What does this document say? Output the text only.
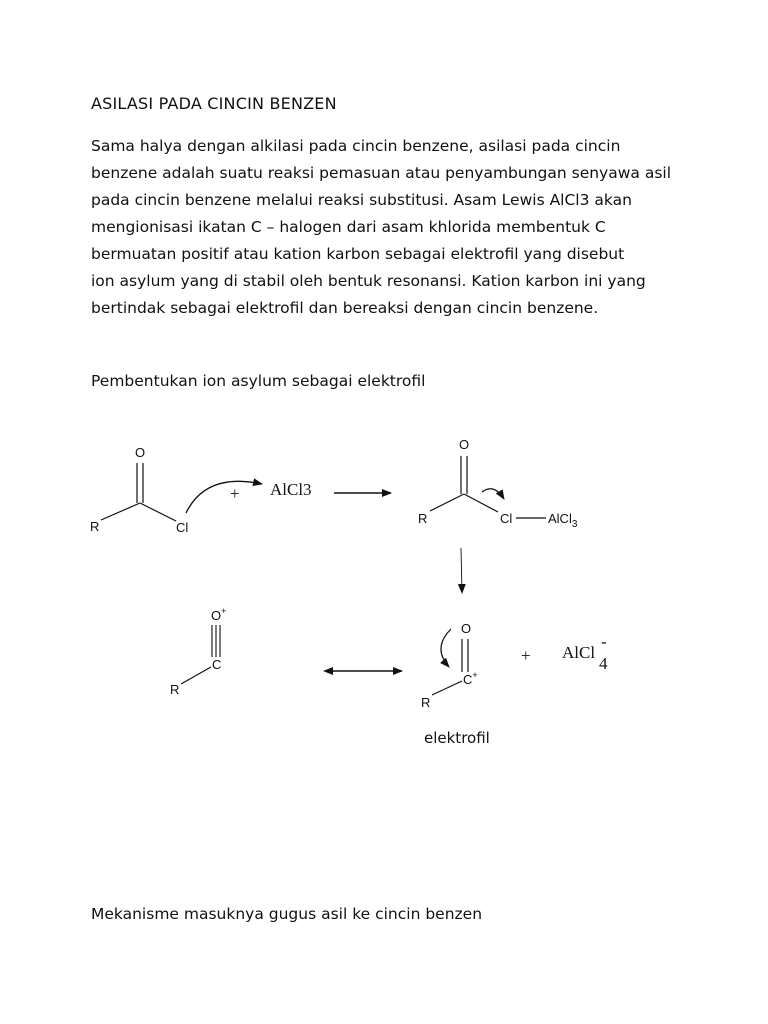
ASILASI PADA CINCIN BENZEN
Sama halya dengan alkilasi pada cincin benzene, asilasi pada cincin
benzene adalah suatu reaksi pemasuan atau penyambungan senyawa asil
pada cincin benzene melalui reaksi substitusi. Asam Lewis AlCl3 akan
mengionisasi ikatan C – halogen dari asam khlorida membentuk C
bermuatan positif atau kation karbon sebagai elektrofil yang disebut
ion asylum yang di stabil oleh bentuk resonansi. Kation karbon ini yang
bertindak sebagai elektrofil dan bereaksi dengan cincin benzene.
Pembentukan ion asylum sebagai elektrofil
O
R	Cl
+ AlCl3
O
R	Cl	AlCl$_3$
O+
C
R
O
C+
R
+ AlCl
-
4
elektrofil
Mekanisme masuknya gugus asil ke cincin benzen
